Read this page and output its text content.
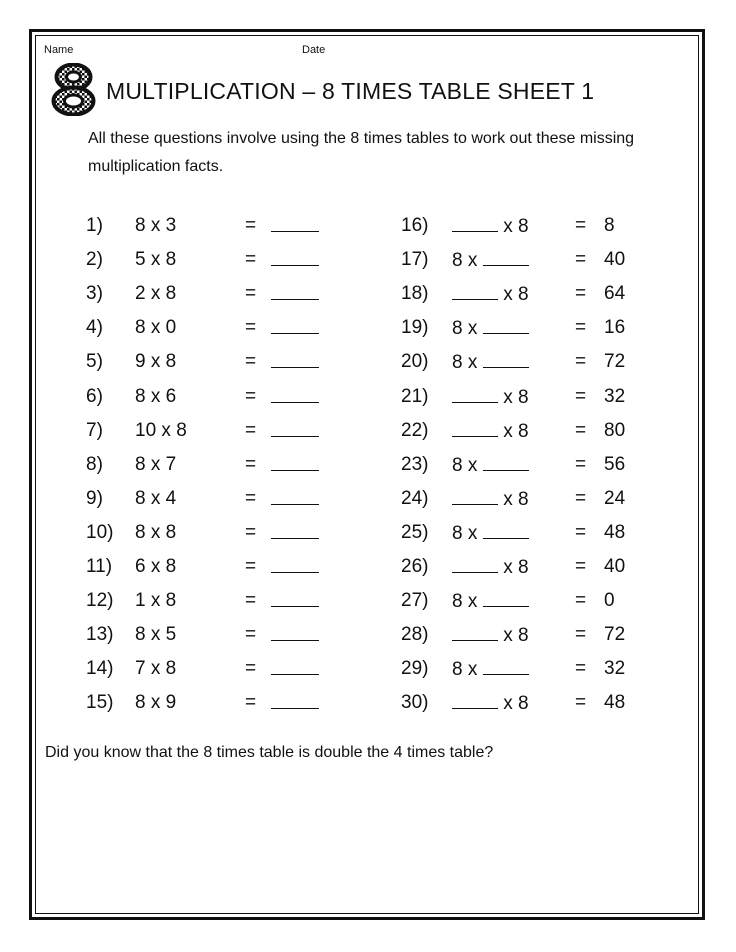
Name	Date
MULTIPLICATION – 8 TIMES TABLE SHEET 1
All these questions involve using the 8 times tables to work out these missing multiplication facts.
1) 8 x 3	=
2) 5 x 8	=
3) 2 x 8	=
4) 8 x 0	=
5) 9 x 8	=
6) 8 x 6	=
7) 10 x 8	=
8) 8 x 7	=
9) 8 x 4	=
10) 8 x 8	=
11) 6 x 8	=
12) 1 x 8	=
13) 8 x 5	=
14) 7 x 8	=
15) 8 x 9	=
16)	x 8 = 8
17) 8 x	= 40
18)	x 8 = 64
19) 8 x	= 16
20) 8 x	= 72
21)	x 8 = 32
22)	x 8 = 80
23) 8 x	= 56
24)	x 8 = 24
25) 8 x	= 48
26)	x 8 = 40
27) 8 x	= 0
28)	x 8 = 72
29) 8 x	= 32
30)	x 8 = 48
Did you know that the 8 times table is double the 4 times table?
